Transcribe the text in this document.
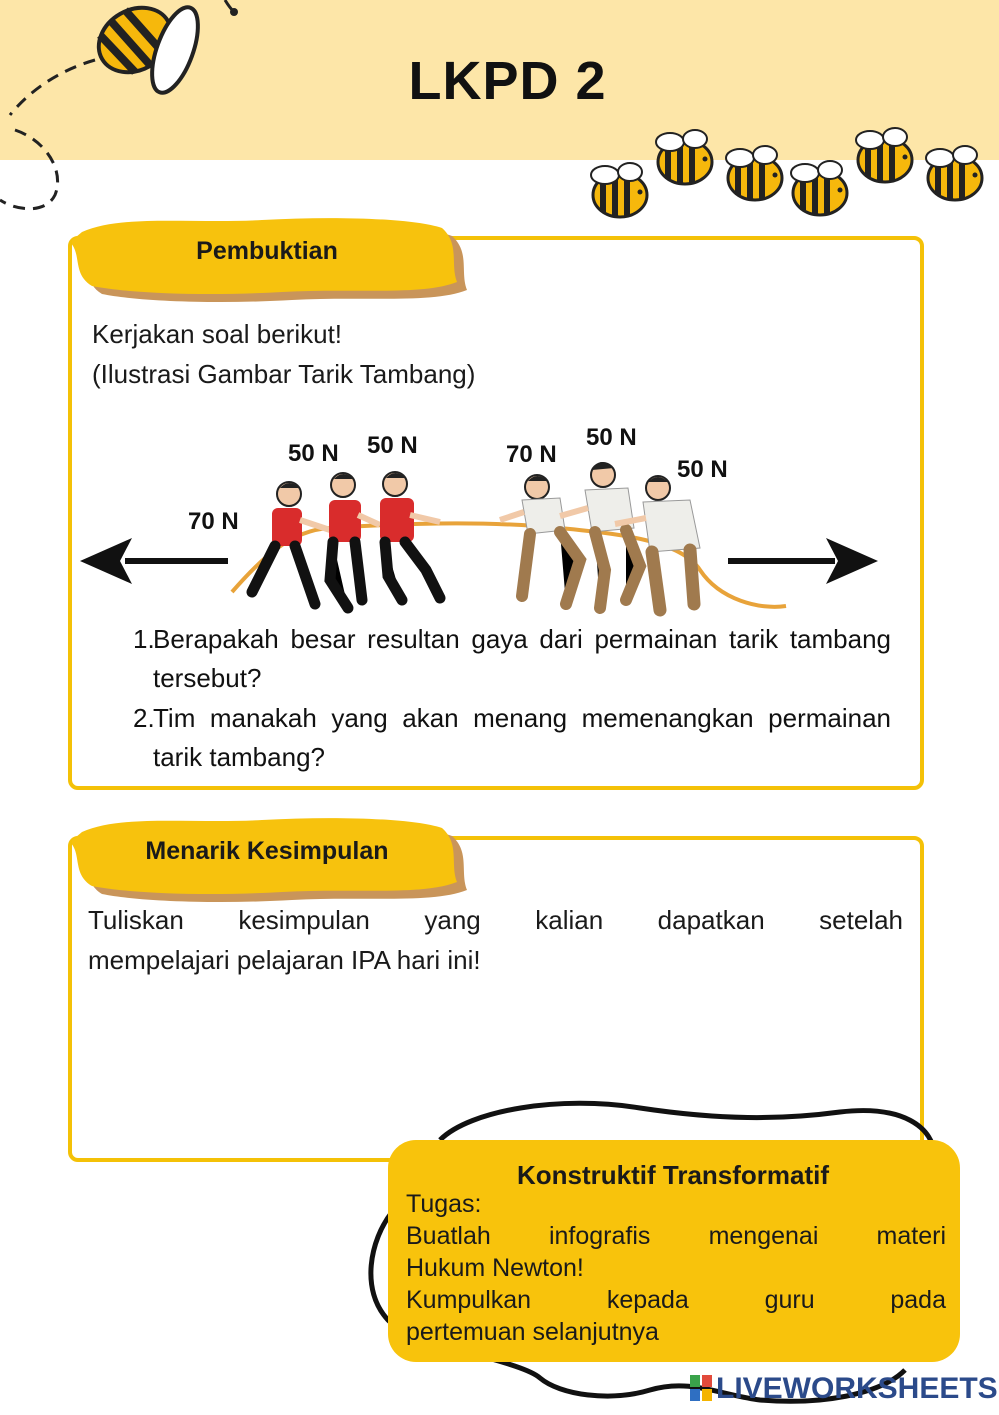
LKPD 2
Pembuktian
Kerjakan soal berikut!
(Ilustrasi Gambar Tarik Tambang)
70 N
50 N 50 N	70 N
50 N
50 N
1.
Berapakah besar resultan gaya dari permainan tarik tambang tersebut?
2.
Tim manakah yang akan menang memenangkan permainan tarik tambang?
Menarik Kesimpulan
Tuliskan kesimpulan yang kalian dapatkan setelah
mempelajari pelajaran IPA hari ini!
Konstruktif Transformatif
Tugas:
Buatlah infografis mengenai materi
Hukum Newton!
Kumpulkan kepada guru pada
pertemuan selanjutnya
LIVEWORKSHEETS
